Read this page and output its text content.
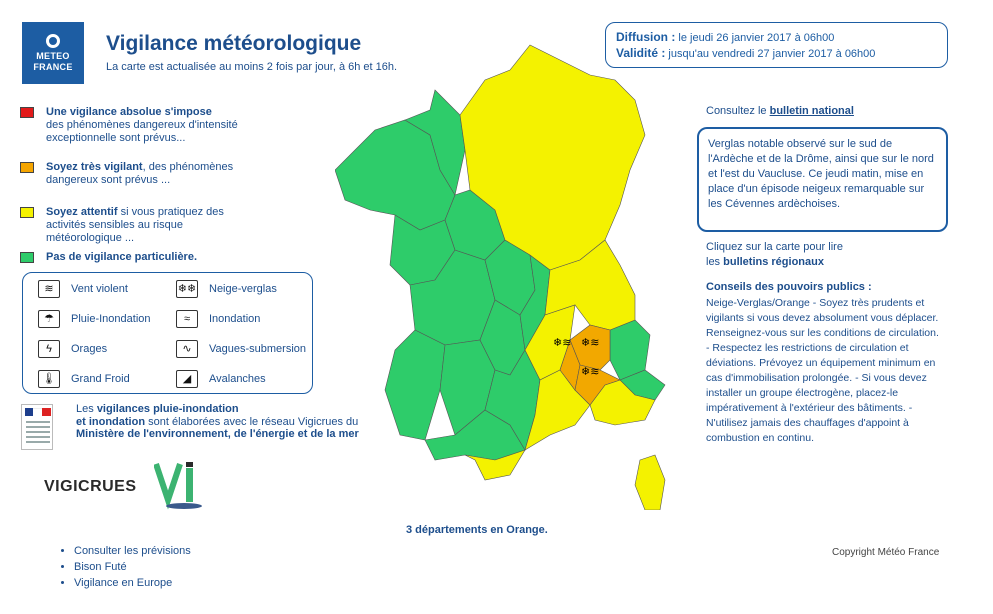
METEO
FRANCE
Vigilance météorologique
La carte est actualisée au moins 2 fois par jour, à 6h et 16h.
Diffusion : le jeudi 26 janvier 2017 à 06h00
Validité : jusqu'au vendredi 27 janvier 2017 à 06h00
Une vigilance absolue s'impose
des phénomènes dangereux d'intensité exceptionnelle sont prévus...
Soyez très vigilant, des phénomènes dangereux sont prévus ...
Soyez attentif si vous pratiquez des activités sensibles au risque météorologique ...
Pas de vigilance particulière.
≋	Vent violent	❄❄ Neige-verglas
☂	Pluie-Inondation	≈	Inondation
ϟ	Orages	∿	Vagues-submersion
🌡	Grand Froid	◢	Avalanches
Les vigilances pluie-inondation
et inondation sont élaborées avec le réseau Vigicrues du
Ministère de l'environnement, de l'énergie et de la mer
VIGICRUES
❄≋ ❄≋
❄≋
3 départements en Orange.
Consultez le bulletin national
Verglas notable observé sur le sud de l'Ardèche et de la Drôme, ainsi que sur le nord et l'est du Vaucluse. Ce jeudi matin, mise en place d'un épisode neigeux remarquable sur les Cévennes ardèchoises.
Cliquez sur la carte pour lire
les bulletins régionaux
Conseils des pouvoirs publics :
Neige-Verglas/Orange - Soyez très prudents et vigilants si vous devez absolument vous déplacer. Renseignez-vous sur les conditions de circulation. - Respectez les restrictions de circulation et déviations. Prévoyez un équipement minimum en cas d'immobilisation prolongée. - Si vous devez installer un groupe électrogène, placez-le impérativement à l'extérieur des bâtiments. - N'utilisez jamais des chauffages d'appoint à combustion en continu.
• Consulter les prévisions
• Bison Futé
• Vigilance en Europe
Copyright Météo France
